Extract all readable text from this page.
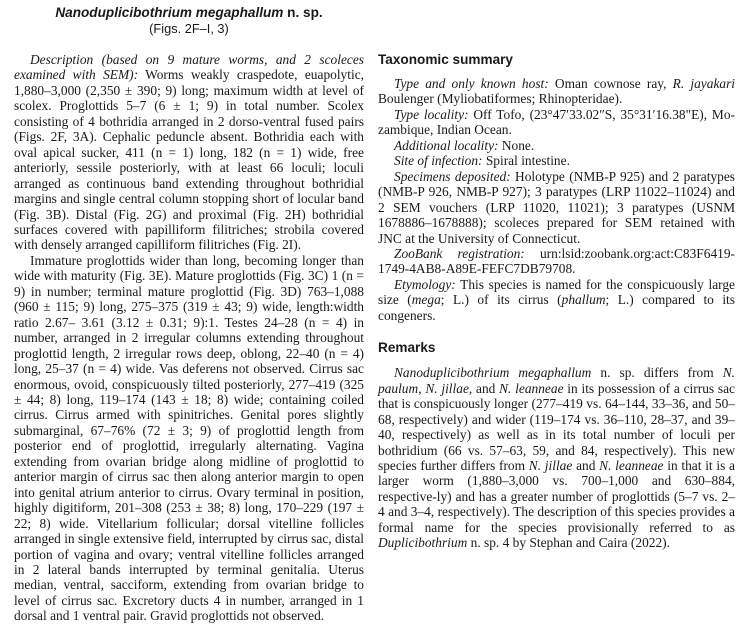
Nanoduplicibothrium megaphallum n. sp.
(Figs. 2F–I, 3)

Description (based on 9 mature worms, and 2 scoleces examined with SEM): Worms weakly craspedote, euapolytic, 1,880–3,000 (2,350 ± 390; 9) long; maximum width at level of scolex. Proglottids 5–7 (6 ± 1; 9) in total number. Scolex consisting of 4 bothridia arranged in 2 dorso-ventral fused pairs (Figs. 2F, 3A). Cephalic peduncle absent. Bothridia each with oval apical sucker, 411 (n = 1) long, 182 (n = 1) wide, free anteriorly, sessile posteriorly, with at least 66 loculi; loculi arranged as continuous band extending throughout bothridial margins and single central column stopping short of locular band (Fig. 3B). Distal (Fig. 2G) and proximal (Fig. 2H) bothridial surfaces covered with papilliform filitriches; strobila covered with densely arranged capilliform filitriches (Fig. 2I).

Immature proglottids wider than long, becoming longer than wide with maturity (Fig. 3E). Mature proglottids (Fig. 3C) 1 (n = 9) in number; terminal mature proglottid (Fig. 3D) 763–1,088 (960 ± 115; 9) long, 275–375 (319 ± 43; 9) wide, length:width ratio 2.67– 3.61 (3.12 ± 0.31; 9):1. Testes 24–28 (n = 4) in number, arranged in 2 irregular columns extending throughout proglottid length, 2 irregular rows deep, oblong, 22–40 (n = 4) long, 25–37 (n = 4) wide. Vas deferens not observed. Cirrus sac enormous, ovoid, conspicuously tilted posteriorly, 277–419 (325 ± 44; 8) long, 119–174 (143 ± 18; 8) wide; containing coiled cirrus. Cirrus armed with spinitriches. Genital pores slightly submarginal, 67–76% (72 ± 3; 9) of proglottid length from posterior end of proglottid, irregularly alternating. Vagina extending from ovarian bridge along midline of proglottid to anterior margin of cirrus sac then along anterior margin to open into genital atrium anterior to cirrus. Ovary terminal in position, highly digitiform, 201–308 (253 ± 38; 8) long, 170–229 (197 ± 22; 8) wide. Vitellarium follicular; dorsal vitelline follicles arranged in single extensive field, interrupted by cirrus sac, distal portion of vagina and ovary; ventral vitelline follicles arranged in 2 lateral bands interrupted by terminal genitalia. Uterus median, ventral, sacciform, extending from ovarian bridge to level of cirrus sac. Excretory ducts 4 in number, arranged in 1 dorsal and 1 ventral pair. Gravid proglottids not observed.

Taxonomic summary

Type and only known host: Oman cownose ray, R. jayakari Boulenger (Myliobatiformes; Rhinopteridae).

Type locality: Off Tofo, (23°47′33.02″S, 35°31′16.38"E), Mo-zambique, Indian Ocean.

Additional locality: None.

Site of infection: Spiral intestine.

Specimens deposited: Holotype (NMB-P 925) and 2 paratypes (NMB-P 926, NMB-P 927); 3 paratypes (LRP 11022–11024) and 2 SEM vouchers (LRP 11020, 11021); 3 paratypes (USNM 1678886–1678888); scoleces prepared for SEM retained with JNC at the University of Connecticut.

ZooBank registration: urn:lsid:zoobank.org:act:C83F6419-1749-4AB8-A89E-FEFC7DB79708.

Etymology: This species is named for the conspicuously large size (mega; L.) of its cirrus (phallum; L.) compared to its congeners.

Remarks

Nanoduplicibothrium megaphallum n. sp. differs from N. paulum, N. jillae, and N. leanneae in its possession of a cirrus sac that is conspicuously longer (277–419 vs. 64–144, 33–36, and 50–68, respectively) and wider (119–174 vs. 36–110, 28–37, and 39–40, respectively) as well as in its total number of loculi per bothridium (66 vs. 57–63, 59, and 84, respectively). This new species further differs from N. jillae and N. leanneae in that it is a larger worm (1,880–3,000 vs. 700–1,000 and 630–884, respective-ly) and has a greater number of proglottids (5–7 vs. 2–4 and 3–4, respectively). The description of this species provides a formal name for the species provisionally referred to as Duplicibothrium n. sp. 4 by Stephan and Caira (2022).
